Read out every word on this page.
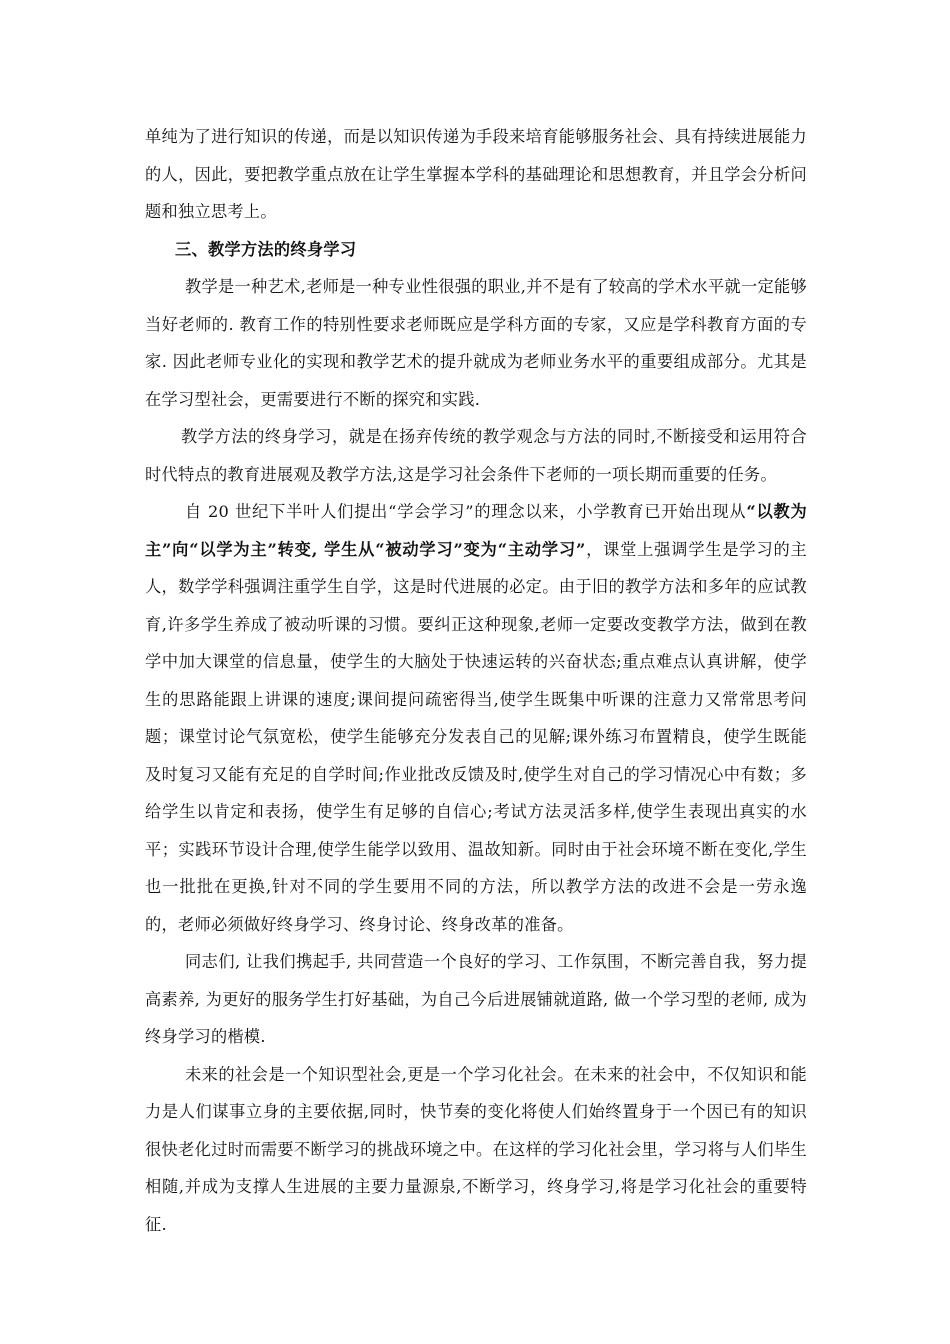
单纯为了进行知识的传递，而是以知识传递为手段来培育能够服务社会、具有持续进展能力的人，因此，要把教学重点放在让学生掌握本学科的基础理论和思想教育，并且学会分析问题和独立思考上。

三、教学方法的终身学习

教学是一种艺术,老师是一种专业性很强的职业,并不是有了较高的学术水平就一定能够当好老师的. 教育工作的特别性要求老师既应是学科方面的专家，又应是学科教育方面的专家. 因此老师专业化的实现和教学艺术的提升就成为老师业务水平的重要组成部分。尤其是在学习型社会，更需要进行不断的探究和实践.

教学方法的终身学习，就是在扬弃传统的教学观念与方法的同时,不断接受和运用符合时代特点的教育进展观及教学方法,这是学习社会条件下老师的一项长期而重要的任务。

自 20 世纪下半叶人们提出“学会学习”的理念以来，小学教育已开始出现从“以教为主”向“以学为主”转变, 学生从“被动学习”变为“主动学习”，课堂上强调学生是学习的主人，数学学科强调注重学生自学，这是时代进展的必定。由于旧的教学方法和多年的应试教育,许多学生养成了被动听课的习惯。要纠正这种现象,老师一定要改变教学方法，做到在教学中加大课堂的信息量，使学生的大脑处于快速运转的兴奋状态;重点难点认真讲解，使学生的思路能跟上讲课的速度;课间提问疏密得当,使学生既集中听课的注意力又常常思考问题；课堂讨论气氛宽松，使学生能够充分发表自己的见解;课外练习布置精良，使学生既能及时复习又能有充足的自学时间;作业批改反馈及时,使学生对自己的学习情况心中有数；多给学生以肯定和表扬，使学生有足够的自信心;考试方法灵活多样,使学生表现出真实的水平；实践环节设计合理,使学生能学以致用、温故知新。同时由于社会环境不断在变化,学生也一批批在更换,针对不同的学生要用不同的方法，所以教学方法的改进不会是一劳永逸的，老师必须做好终身学习、终身讨论、终身改革的准备。

同志们, 让我们携起手, 共同营造一个良好的学习、工作氛围，不断完善自我，努力提高素养, 为更好的服务学生打好基础，为自己今后进展铺就道路, 做一个学习型的老师, 成为终身学习的楷模.

未来的社会是一个知识型社会,更是一个学习化社会。在未来的社会中，不仅知识和能力是人们谋事立身的主要依据,同时，快节奏的变化将使人们始终置身于一个因已有的知识很快老化过时而需要不断学习的挑战环境之中。在这样的学习化社会里，学习将与人们毕生相随,并成为支撑人生进展的主要力量源泉,不断学习，终身学习,将是学习化社会的重要特征.
